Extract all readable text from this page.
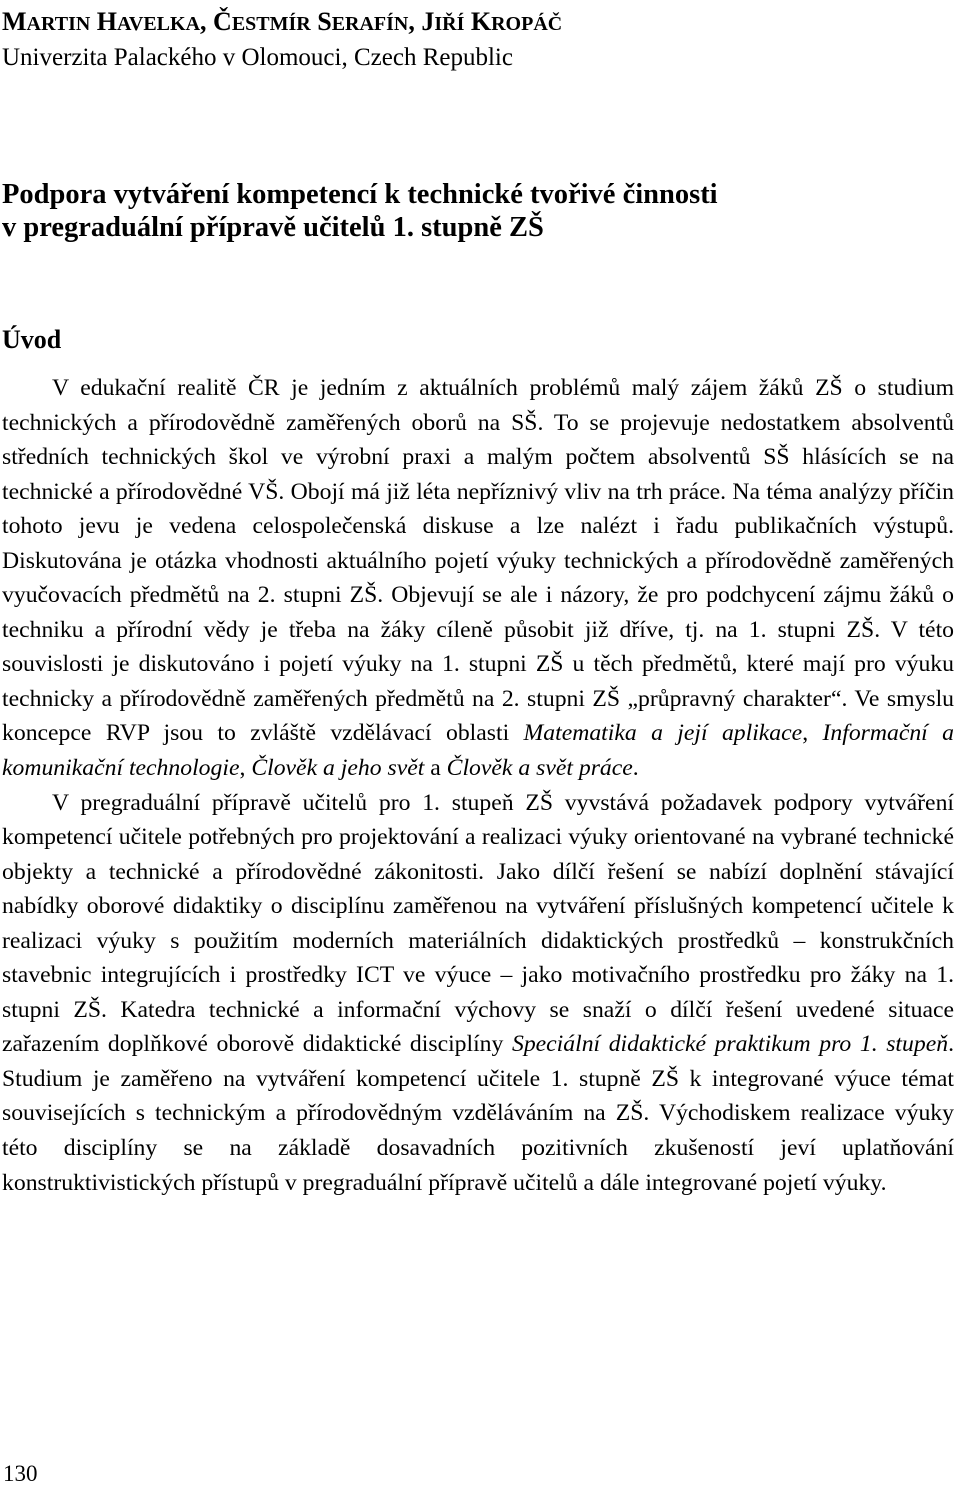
MARTIN HAVELKA, ČESTMÍR SERAFÍN, JIŘÍ KROPÁČ
Univerzita Palackého v Olomouci, Czech Republic
Podpora vytváření kompetencí k technické tvořivé činnosti
v pregraduální přípravě učitelů 1. stupně ZŠ
Úvod

V edukační realitě ČR je jedním z aktuálních problémů malý zájem žáků ZŠ o studium technických a přírodovědně zaměřených oborů na SŠ. To se projevuje nedostatkem absolventů středních technických škol ve výrobní praxi a malým počtem absolventů SŠ hlásících se na technické a přírodovědné VŠ. Obojí má již léta nepříznivý vliv na trh práce. Na téma analýzy příčin tohoto jevu je vedena celospolečenská diskuse a lze nalézt i řadu publikačních výstupů. Diskutována je otázka vhodnosti aktuálního pojetí výuky technických a přírodovědně zaměřených vyučovacích předmětů na 2. stupni ZŠ. Objevují se ale i názory, že pro podchycení zájmu žáků o techniku a přírodní vědy je třeba na žáky cíleně působit již dříve, tj. na 1. stupni ZŠ. V této souvislosti je diskutováno i pojetí výuky na 1. stupni ZŠ u těch předmětů, které mají pro výuku technicky a přírodovědně zaměřených předmětů na 2. stupni ZŠ „průpravný charakter“. Ve smyslu koncepce RVP jsou to zvláště vzdělávací oblasti Matematika a její aplikace, Informační a komunikační technologie, Člověk a jeho svět a Člověk a svět práce.

V pregraduální přípravě učitelů pro 1. stupeň ZŠ vyvstává požadavek podpory vytváření kompetencí učitele potřebných pro projektování a realizaci výuky orientované na vybrané technické objekty a technické a přírodovědné zákonitosti. Jako dílčí řešení se nabízí doplnění stávající nabídky oborové didaktiky o disciplínu zaměřenou na vytváření příslušných kompetencí učitele k realizaci výuky s použitím moderních materiálních didaktických prostředků – konstrukčních stavebnic integrujících i prostředky ICT ve výuce – jako motivačního prostředku pro žáky na 1. stupni ZŠ. Katedra technické a informační výchovy se snaží o dílčí řešení uvedené situace zařazením doplňkové oborově didaktické disciplíny Speciální didaktické praktikum pro 1. stupeň. Studium je zaměřeno na vytváření kompetencí učitele 1. stupně ZŠ k integrované výuce témat souvisejících s technickým a přírodovědným vzděláváním na ZŠ. Východiskem realizace výuky této disciplíny se na základě dosavadních pozitivních zkušeností jeví uplatňování konstruktivistických přístupů v pregraduální přípravě učitelů a dále integrované pojetí výuky.

130
